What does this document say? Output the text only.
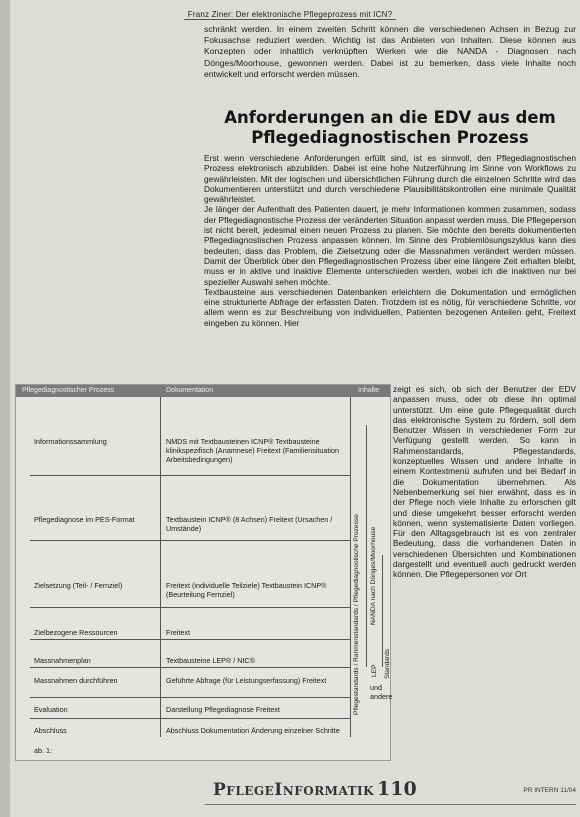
Franz Ziner: Der elektronische Pflegeprozess mit ICN?
schränkt werden. In einem zweiten Schritt können die verschiedenen Achsen in Bezug zur Fokusachse reduziert werden. Wichtig ist das Anbieten von Inhalten. Diese können aus Konzepten oder inhaltlich verknüpften Werken wie die NANDA - Diagnosen nach Dönges/Moorhouse, gewonnen werden. Dabei ist zu bemerken, dass viele Inhalte noch entwickelt und erforscht werden müssen.
Anforderungen an die EDV aus dem Pflegediagnostischen Prozess

Erst wenn verschiedene Anforderungen erfüllt sind, ist es sinnvoll, den Pflegediagnostischen Prozess elektronisch abzubilden. Dabei ist eine hohe Nutzerführung im Sinne von Workflows zu gewährleisten. Mit der logischen und übersichtlichen Führung durch die einzelnen Schritte wird das Dokumentieren unterstützt und durch verschiedene Plausibilitätskontrollen eine minimale Qualität gewährleistet.

Je länger der Aufenthalt des Patienten dauert, je mehr Informationen kommen zusammen, sodass der Pflegediagnostische Prozess der veränderten Situation anpasst werden muss. Die Pflegeperson ist nicht bereit, jedesmal einen neuen Prozess zu planen. Sie möchte den bereits dokumentierten Pflegediagnostischen Prozess anpassen können. Im Sinne des Problemlösungszyklus kann dies bedeuten, dass das Problem, die Zielsetzung oder die Massnahmen verändert werden müssen. Damit der Überblick über den Pflegediagnostischen Prozess über eine längere Zeit erhalten bleibt, muss er in aktive und inaktive Elemente unterschieden werden, wobei ich die inaktiven nur bei spezieller Auswahl sehen möchte.

Textbausteine aus verschiedenen Datenbanken erleichtern die Dokumentation und ermöglichen eine strukturierte Abfrage der erfassten Daten. Trotzdem ist es nötig, für verschiedene Schritte, vor allem wenn es zur Beschreibung von individuellen, Patienten bezogenen Anteilen geht, Freitext eingeben zu können. Hier

zeigt es sich, ob sich der Benutzer der EDV anpassen muss, oder ob diese ihn optimal unterstützt. Um eine gute Pflegequalität durch das elektronische System zu fördern, soll dem Benutzer Wissen in verschiedener Form zur Verfügung gestellt werden. So kann in Rahmenstandards, Pflegestandards, konzeptuelles Wissen und andere Inhalte in einem Kontextmenü aufrufen und bei Bedarf in die Dokumentation übernehmen. Als Nebenbemerkung sei hier erwähnt, dass es in der Pflege noch viele Inhalte zu erforschen gilt und diese umgekehrt besser erforscht werden können, wenn systematisierte Daten vorliegen. Für den Alltagsgebrauch ist es von zentraler Bedeutung, dass die vorhandenen Daten in verschiedenen Übersichten und Kombinationen dargestellt und eventuell auch gedruckt werden können. Die Pflegepersonen vor Ort

Pflegediagnostischer Prozess	Dokumentation	Inhalte
Informationssammlung	NMDS mit Textbausteinen ICNP® Textbausteine klinikspezifisch (Anamnese) Freitext (Familiensituation Arbeitsbedingungen)
Pflegediagnose im PES-Format	Textbaustein ICNP® (8 Achsen) Freitext (Ursachen / Umstände)
Zielsetzung (Teil- / Fernziel)	Freitext (individuelle Teilziele) Textbaustein ICNP® (Beurteilung Fernziel)
Zielbezogene Ressourcen	Freitext
Massnahmenplan	Textbausteine LEP® / NIC®
Massnahmen durchführen	Geführte Abfrage (für Leistungserfassung) Freitext
Evaluation	Darstellung Pflegediagnose Freitext
Abschluss	Abschluss Dokumentation Änderung einzelner Schritte
Pflegestandards / Rahmenstandards / Pflegediagnostische Prozesse NANDA nach Dönges/Moorhouse
LEP Standards
und andere
ab. 1:
PFLEGEINFORMATIK 110	PR INTERN 11/04
